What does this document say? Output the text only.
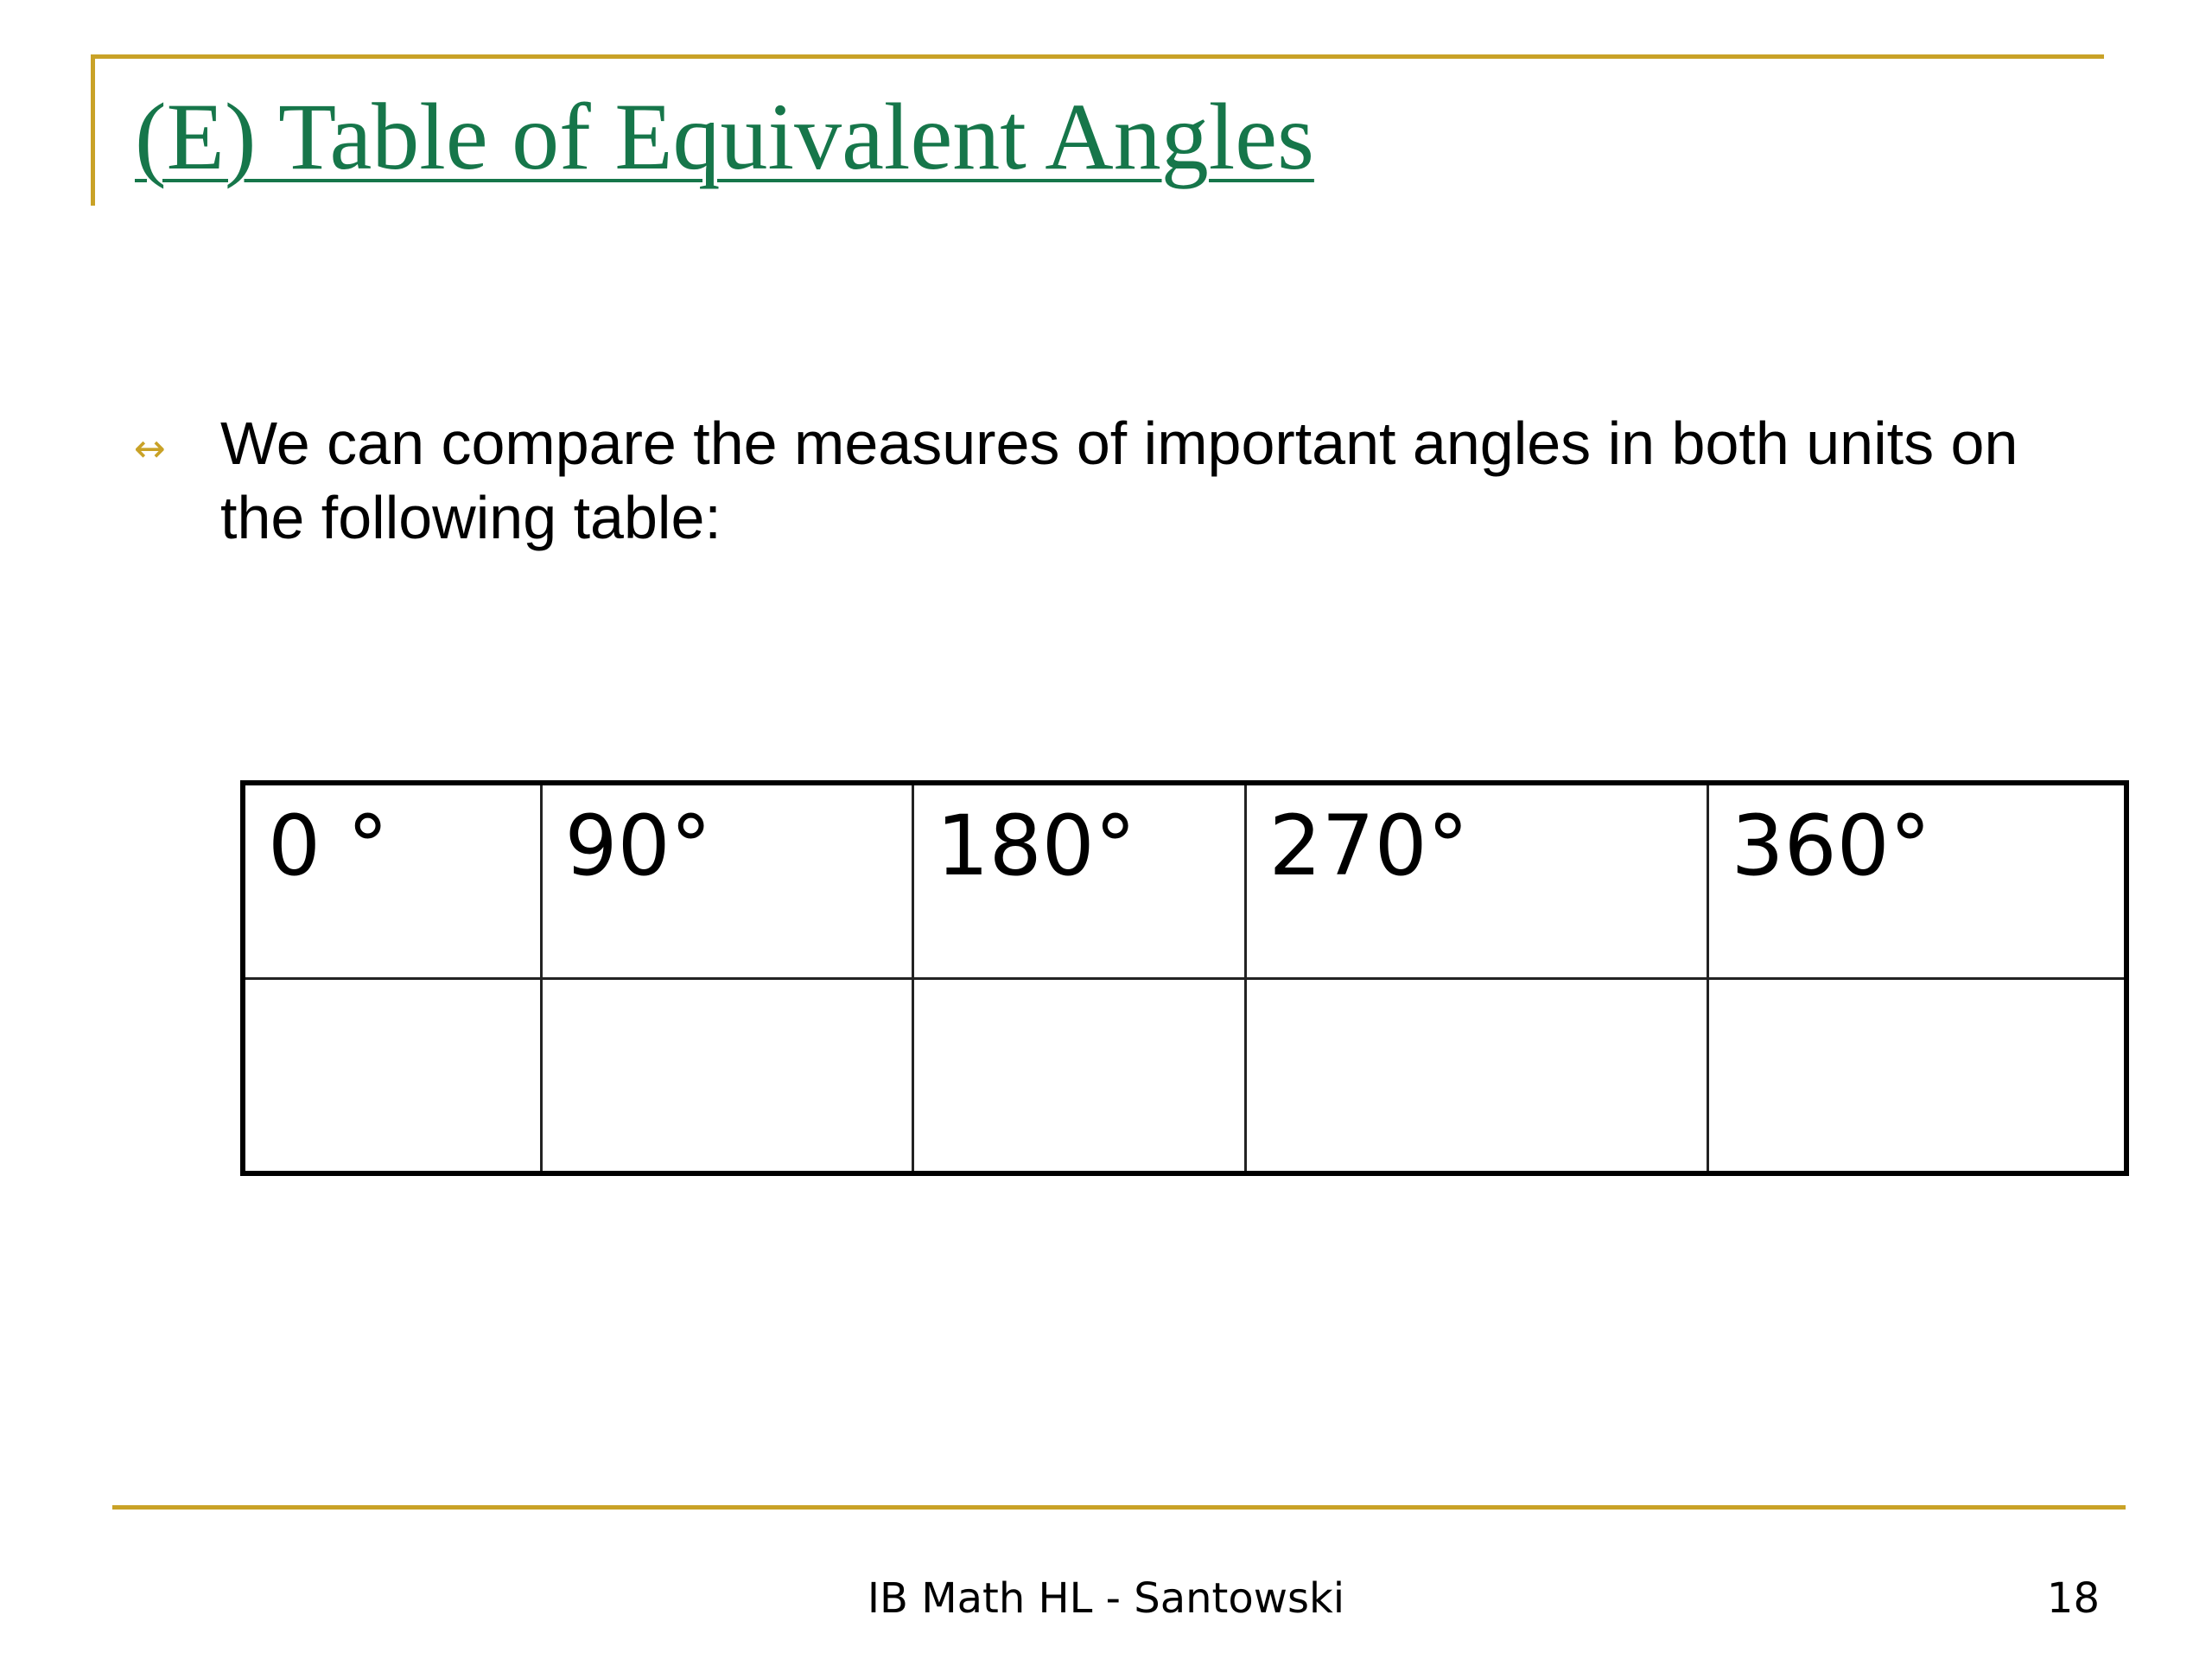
(E) Table of Equivalent Angles
↔ We can compare the measures of important angles in both units on the following table:
0 °	90°	180°	270°	360°

IB Math HL - Santowski	18
